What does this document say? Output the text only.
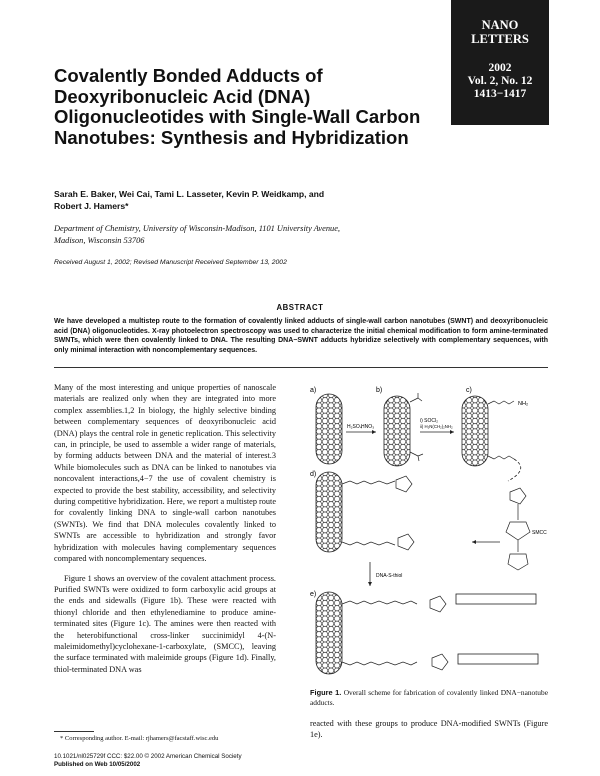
NANO
LETTERS
2002
Vol. 2, No. 12
1413−1417
Covalently Bonded Adducts of Deoxyribonucleic Acid (DNA) Oligonucleotides with Single-Wall Carbon Nanotubes: Synthesis and Hybridization
Sarah E. Baker, Wei Cai, Tami L. Lasseter, Kevin P. Weidkamp, and
Robert J. Hamers*
Department of Chemistry, University of Wisconsin-Madison, 1101 University Avenue,
Madison, Wisconsin 53706
Received August 1, 2002; Revised Manuscript Received September 13, 2002
ABSTRACT
We have developed a multistep route to the formation of covalently linked adducts of single-wall carbon nanotubes (SWNT) and deoxyribonucleic acid (DNA) oligonucleotides. X-ray photoelectron spectroscopy was used to characterize the initial chemical modification to form amine-terminated SWNTs, which were then covalently linked to DNA. The resulting DNA−SWNT adducts hybridize selectively with complementary sequences, with only minimal interaction with noncomplementary sequences.

Many of the most interesting and unique properties of nanoscale materials are realized only when they are integrated into more complex assemblies.1,2 In biology, the highly selective binding between complementary sequences of deoxyribonucleic acid (DNA) plays the central role in genetic replication. This selectivity can, in principle, be used to assemble a wider range of materials, by forming adducts between DNA and the material of interest.3 While biomolecules such as DNA can be linked to nanotubes via noncovalent interactions,4−7 the use of covalent chemistry is expected to provide the best stability, accessibility, and selectivity during competitive hybridization. Here, we report a multistep route for covalently linking DNA to single-wall carbon nanotubes (SWNTs). We find that DNA molecules covalently linked to SWNTs are accessible to hybridization and strongly favor hybridization with molecules having complementary sequences compared with noncomplementary sequences.

Figure 1 shows an overview of the covalent attachment process. Purified SWNTs were oxidized to form carboxylic acid groups at the ends and sidewalls (Figure 1b). These were reacted with thionyl chloride and then ethylenediamine to produce amine-terminated sites (Figure 1c). The amines were then reacted with the heterobifunctional cross-linker succinimidyl 4-(N-maleimidomethyl)cyclohexane-1-carboxylate, (SMCC), leaving the surface terminated with maleimide groups (Figure 1d). Finally, thiol-terminated DNA was

a)
H₂SO₄ HNO₃
b)
i) SOCl₂
ii) H₂N(CH₂)₂NH₂
c)
NH₂
SMCC
d)
DNA-S-thiol
e)
Figure 1. Overall scheme for fabrication of covalently linked DNA−nanotube adducts.
reacted with these groups to produce DNA-modified SWNTs (Figure 1e).
* Corresponding author. E-mail: rjhamers@facstaff.wisc.edu
10.1021/nl025729f CCC: $22.00 © 2002 American Chemical Society
Published on Web 10/05/2002
